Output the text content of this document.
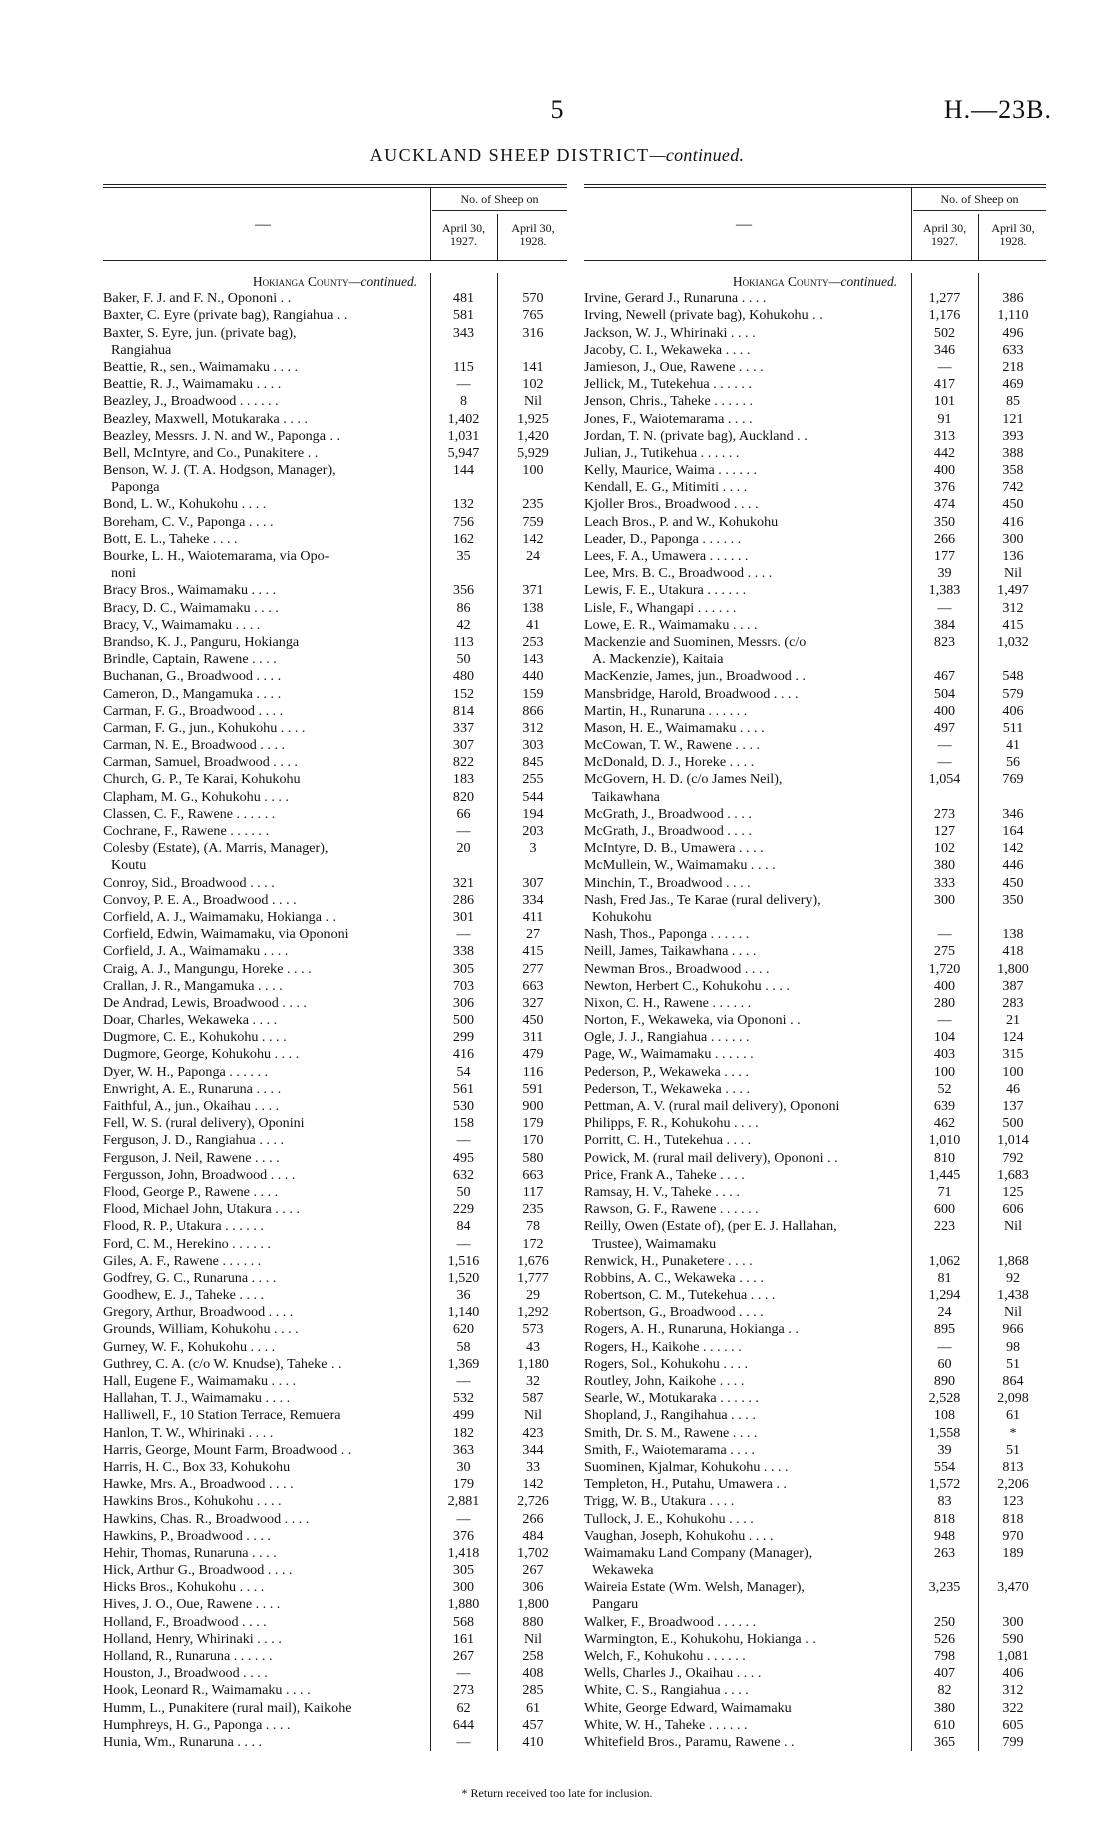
5	H.—23B.
AUCKLAND SHEEP DISTRICT—continued.
—
No. of Sheep on
April 30, 1927.
April 30, 1928.
Hokianga County—continued.
Baker, F. J. and F. N., Opononi . .	481	570
Baxter, C. Eyre (private bag), Rangiahua . .	581	765
Baxter, S. Eyre, jun. (private bag),	343	316
Rangiahua
Beattie, R., sen., Waimamaku . . . .	115	141
Beattie, R. J., Waimamaku . . . .	—	102
Beazley, J., Broadwood . . . . . .	8	Nil
Beazley, Maxwell, Motukaraka . . . .	1,402	1,925
Beazley, Messrs. J. N. and W., Paponga . .	1,031	1,420
Bell, McIntyre, and Co., Punakitere . .	5,947	5,929
Benson, W. J. (T. A. Hodgson, Manager),	144	100
Paponga
Bond, L. W., Kohukohu . . . .	132	235
Boreham, C. V., Paponga . . . .	756	759
Bott, E. L., Taheke . . . .	162	142
Bourke, L. H., Waiotemarama, via Opo-	35	24
noni
Bracy Bros., Waimamaku . . . .	356	371
Bracy, D. C., Waimamaku . . . .	86	138
Bracy, V., Waimamaku . . . .	42	41
Brandso, K. J., Panguru, Hokianga	113	253
Brindle, Captain, Rawene . . . .	50	143
Buchanan, G., Broadwood . . . .	480	440
Cameron, D., Mangamuka . . . .	152	159
Carman, F. G., Broadwood . . . .	814	866
Carman, F. G., jun., Kohukohu . . . .	337	312
Carman, N. E., Broadwood . . . .	307	303
Carman, Samuel, Broadwood . . . .	822	845
Church, G. P., Te Karai, Kohukohu	183	255
Clapham, M. G., Kohukohu . . . .	820	544
Classen, C. F., Rawene . . . . . .	66	194
Cochrane, F., Rawene . . . . . .	—	203
Colesby (Estate), (A. Marris, Manager),	20	3
Koutu
Conroy, Sid., Broadwood . . . .	321	307
Convoy, P. E. A., Broadwood . . . .	286	334
Corfield, A. J., Waimamaku, Hokianga . .	301	411
Corfield, Edwin, Waimamaku, via Opononi	—	27
Corfield, J. A., Waimamaku . . . .	338	415
Craig, A. J., Mangungu, Horeke . . . .	305	277
Crallan, J. R., Mangamuka . . . .	703	663
De Andrad, Lewis, Broadwood . . . .	306	327
Doar, Charles, Wekaweka . . . .	500	450
Dugmore, C. E., Kohukohu . . . .	299	311
Dugmore, George, Kohukohu . . . .	416	479
Dyer, W. H., Paponga . . . . . .	54	116
Enwright, A. E., Runaruna . . . .	561	591
Faithful, A., jun., Okaihau . . . .	530	900
Fell, W. S. (rural delivery), Oponini	158	179
Ferguson, J. D., Rangiahua . . . .	—	170
Ferguson, J. Neil, Rawene . . . .	495	580
Fergusson, John, Broadwood . . . .	632	663
Flood, George P., Rawene . . . .	50	117
Flood, Michael John, Utakura . . . .	229	235
Flood, R. P., Utakura . . . . . .	84	78
Ford, C. M., Herekino . . . . . .	—	172
Giles, A. F., Rawene . . . . . .	1,516	1,676
Godfrey, G. C., Runaruna . . . .	1,520	1,777
Goodhew, E. J., Taheke . . . .	36	29
Gregory, Arthur, Broadwood . . . .	1,140	1,292
Grounds, William, Kohukohu . . . .	620	573
Gurney, W. F., Kohukohu . . . .	58	43
Guthrey, C. A. (c/o W. Knudse), Taheke . .	1,369	1,180
Hall, Eugene F., Waimamaku . . . .	—	32
Hallahan, T. J., Waimamaku . . . .	532	587
Halliwell, F., 10 Station Terrace, Remuera	499	Nil
Hanlon, T. W., Whirinaki . . . .	182	423
Harris, George, Mount Farm, Broadwood . .	363	344
Harris, H. C., Box 33, Kohukohu	30	33
Hawke, Mrs. A., Broadwood . . . .	179	142
Hawkins Bros., Kohukohu . . . .	2,881	2,726
Hawkins, Chas. R., Broadwood . . . .	—	266
Hawkins, P., Broadwood . . . .	376	484
Hehir, Thomas, Runaruna . . . .	1,418	1,702
Hick, Arthur G., Broadwood . . . .	305	267
Hicks Bros., Kohukohu . . . .	300	306
Hives, J. O., Oue, Rawene . . . .	1,880	1,800
Holland, F., Broadwood . . . .	568	880
Holland, Henry, Whirinaki . . . .	161	Nil
Holland, R., Runaruna . . . . . .	267	258
Houston, J., Broadwood . . . .	—	408
Hook, Leonard R., Waimamaku . . . .	273	285
Humm, L., Punakitere (rural mail), Kaikohe	62	61
Humphreys, H. G., Paponga . . . .	644	457
Hunia, Wm., Runaruna . . . .	—	410
—
No. of Sheep on
April 30, 1927.
April 30, 1928.
Hokianga County—continued.
Irvine, Gerard J., Runaruna . . . .	1,277	386
Irving, Newell (private bag), Kohukohu . .	1,176	1,110
Jackson, W. J., Whirinaki . . . .	502	496
Jacoby, C. I., Wekaweka . . . .	346	633
Jamieson, J., Oue, Rawene . . . .	—	218
Jellick, M., Tutekehua . . . . . .	417	469
Jenson, Chris., Taheke . . . . . .	101	85
Jones, F., Waiotemarama . . . .	91	121
Jordan, T. N. (private bag), Auckland . .	313	393
Julian, J., Tutikehua . . . . . .	442	388
Kelly, Maurice, Waima . . . . . .	400	358
Kendall, E. G., Mitimiti . . . .	376	742
Kjoller Bros., Broadwood . . . .	474	450
Leach Bros., P. and W., Kohukohu	350	416
Leader, D., Paponga . . . . . .	266	300
Lees, F. A., Umawera . . . . . .	177	136
Lee, Mrs. B. C., Broadwood . . . .	39	Nil
Lewis, F. E., Utakura . . . . . .	1,383	1,497
Lisle, F., Whangapi . . . . . .	—	312
Lowe, E. R., Waimamaku . . . .	384	415
Mackenzie and Suominen, Messrs. (c/o	823	1,032
A. Mackenzie), Kaitaia
MacKenzie, James, jun., Broadwood . .	467	548
Mansbridge, Harold, Broadwood . . . .	504	579
Martin, H., Runaruna . . . . . .	400	406
Mason, H. E., Waimamaku . . . .	497	511
McCowan, T. W., Rawene . . . .	—	41
McDonald, D. J., Horeke . . . .	—	56
McGovern, H. D. (c/o James Neil),	1,054	769
Taikawhana
McGrath, J., Broadwood . . . .	273	346
McGrath, J., Broadwood . . . .	127	164
McIntyre, D. B., Umawera . . . .	102	142
McMullein, W., Waimamaku . . . .	380	446
Minchin, T., Broadwood . . . .	333	450
Nash, Fred Jas., Te Karae (rural delivery),	300	350
Kohukohu
Nash, Thos., Paponga . . . . . .	—	138
Neill, James, Taikawhana . . . .	275	418
Newman Bros., Broadwood . . . .	1,720	1,800
Newton, Herbert C., Kohukohu . . . .	400	387
Nixon, C. H., Rawene . . . . . .	280	283
Norton, F., Wekaweka, via Opononi . .	—	21
Ogle, J. J., Rangiahua . . . . . .	104	124
Page, W., Waimamaku . . . . . .	403	315
Pederson, P., Wekaweka . . . .	100	100
Pederson, T., Wekaweka . . . .	52	46
Pettman, A. V. (rural mail delivery), Opononi	639	137
Philipps, F. R., Kohukohu . . . .	462	500
Porritt, C. H., Tutekehua . . . .	1,010	1,014
Powick, M. (rural mail delivery), Opononi . .	810	792
Price, Frank A., Taheke . . . .	1,445	1,683
Ramsay, H. V., Taheke . . . .	71	125
Rawson, G. F., Rawene . . . . . .	600	606
Reilly, Owen (Estate of), (per E. J. Hallahan,	223	Nil
Trustee), Waimamaku
Renwick, H., Punaketere . . . .	1,062	1,868
Robbins, A. C., Wekaweka . . . .	81	92
Robertson, C. M., Tutekehua . . . .	1,294	1,438
Robertson, G., Broadwood . . . .	24	Nil
Rogers, A. H., Runaruna, Hokianga . .	895	966
Rogers, H., Kaikohe . . . . . .	—	98
Rogers, Sol., Kohukohu . . . .	60	51
Routley, John, Kaikohe . . . .	890	864
Searle, W., Motukaraka . . . . . .	2,528	2,098
Shopland, J., Rangihahua . . . .	108	61
Smith, Dr. S. M., Rawene . . . .	1,558	*
Smith, F., Waiotemarama . . . .	39	51
Suominen, Kjalmar, Kohukohu . . . .	554	813
Templeton, H., Putahu, Umawera . .	1,572	2,206
Trigg, W. B., Utakura . . . .	83	123
Tullock, J. E., Kohukohu . . . .	818	818
Vaughan, Joseph, Kohukohu . . . .	948	970
Waimamaku Land Company (Manager),	263	189
Wekaweka
Waireia Estate (Wm. Welsh, Manager),	3,235	3,470
Pangaru
Walker, F., Broadwood . . . . . .	250	300
Warmington, E., Kohukohu, Hokianga . .	526	590
Welch, F., Kohukohu . . . . . .	798	1,081
Wells, Charles J., Okaihau . . . .	407	406
White, C. S., Rangiahua . . . .	82	312
White, George Edward, Waimamaku	380	322
White, W. H., Taheke . . . . . .	610	605
Whitefield Bros., Paramu, Rawene . .	365	799
* Return received too late for inclusion.
